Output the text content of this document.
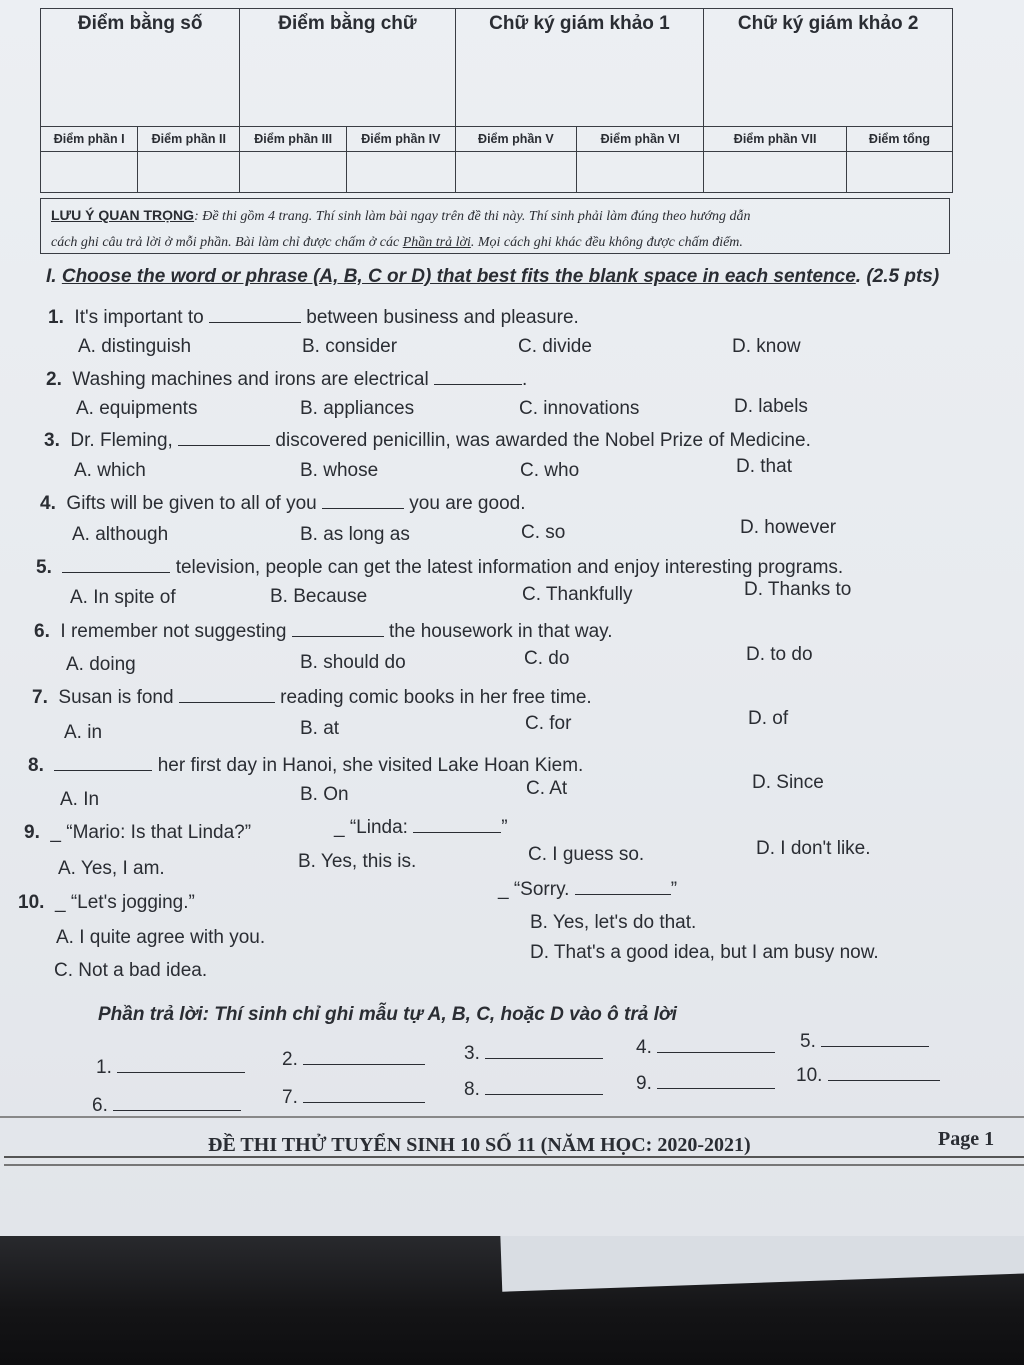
Điểm bằng số		Điểm bằng chữ		Chữ ký giám khảo 1		Chữ ký giám khảo 2	
Điểm phần I	Điểm phần II	Điểm phần III	Điểm phần IV	Điểm phần V	Điểm phần VI	Điểm phần VII	Điểm tổng

LƯU Ý QUAN TRỌNG: Đề thi gồm 4 trang. Thí sinh làm bài ngay trên đề thi này. Thí sinh phải làm đúng theo hướng dẫn
cách ghi câu trả lời ở mỗi phần. Bài làm chỉ được chấm ở các Phần trả lời. Mọi cách ghi khác đều không được chấm điểm.
I. Choose the word or phrase (A, B, C or D) that best fits the blank space in each sentence. (2.5 pts)
1. It's important to	between business and pleasure.
A. distinguish	B. consider	C. divide	D. know
2. Washing machines and irons are electrical	.
A. equipments	B. appliances	C. innovations	D. labels
3. Dr. Fleming,	discovered penicillin, was awarded the Nobel Prize of Medicine.
A. which	B. whose	C. who	D. that
4. Gifts will be given to all of you	you are good.
A. although	B. as long as	C. so	D. however
5.	television, people can get the latest information and enjoy interesting programs.
A. In spite of	B. Because	C. Thankfully	D. Thanks to
6. I remember not suggesting	the housework in that way.
A. doing	B. should do	C. do	D. to do
7. Susan is fond	reading comic books in her free time.
A. in	B. at	C. for	D. of
8.	her first day in Hanoi, she visited Lake Hoan Kiem.
A. In	B. On	C. At	D. Since
9. _ “Mario: Is that Linda?”	_ “Linda:	”
A. Yes, I am.	B. Yes, this is.	C. I guess so.	D. I don't like.
10. _ “Let's jogging.”
_ “Sorry.	”
A. I quite agree with you.
B. Yes, let's do that.
C. Not a bad idea.
D. That's a good idea, but I am busy now.
Phần trả lời: Thí sinh chỉ ghi mẫu tự A, B, C, hoặc D vào ô trả lời
1.	2.	3.	4.	5.
6.	7.	8.	9.	10.
Page 1
ĐỀ THI THỬ TUYỂN SINH 10 SỐ 11 (NĂM HỌC: 2020-2021)
